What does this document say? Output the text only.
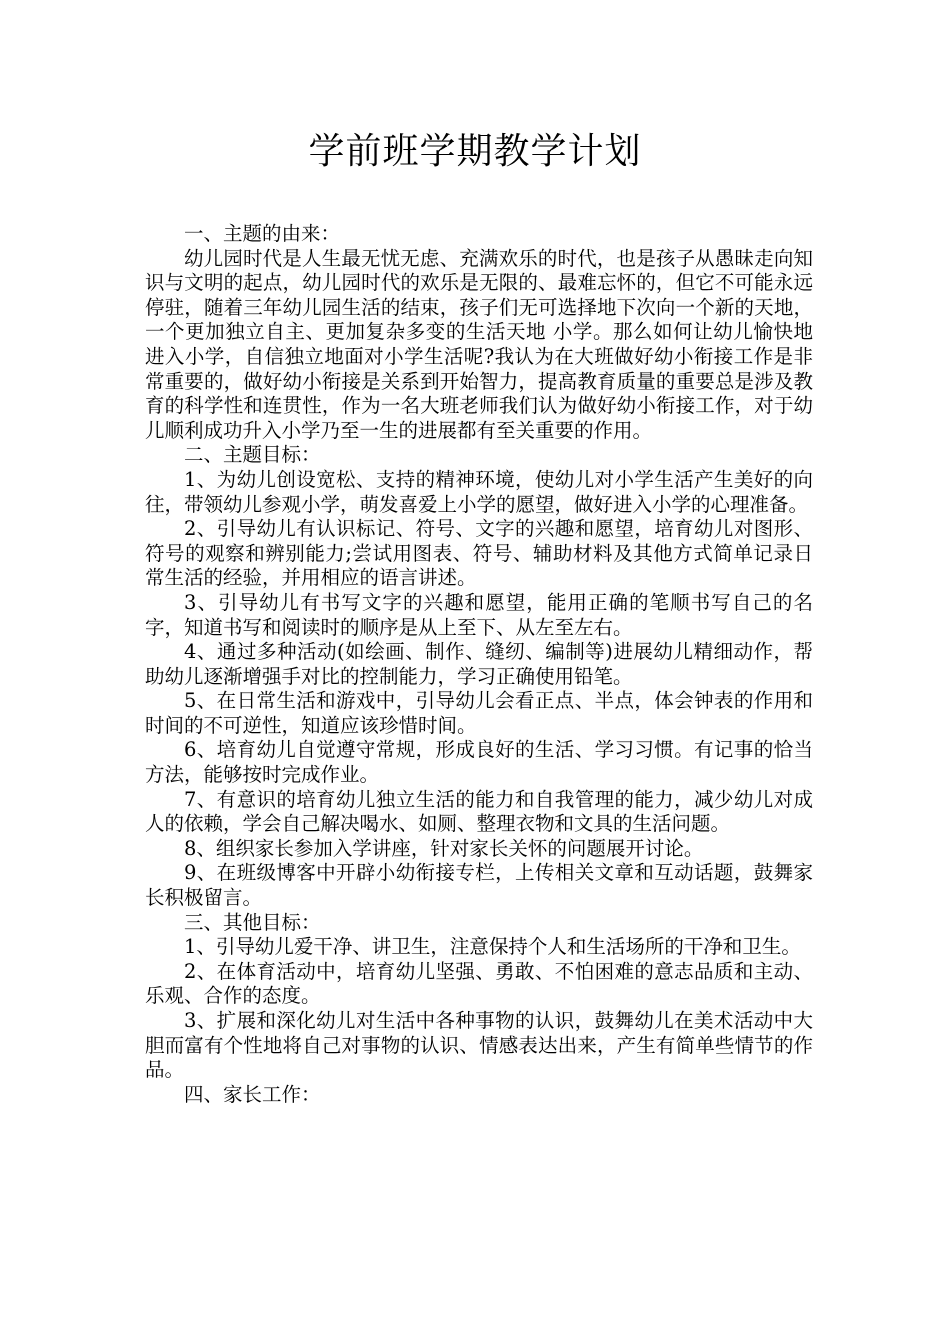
学前班学期教学计划

一、主题的由来：

幼儿园时代是人生最无忧无虑、充满欢乐的时代，也是孩子从愚昧走向知识与文明的起点，幼儿园时代的欢乐是无限的、最难忘怀的，但它不可能永远停驻，随着三年幼儿园生活的结束，孩子们无可选择地下次向一个新的天地，一个更加独立自主、更加复杂多变的生活天地 小学。那么如何让幼儿愉快地进入小学，自信独立地面对小学生活呢?我认为在大班做好幼小衔接工作是非常重要的，做好幼小衔接是关系到开始智力，提高教育质量的重要总是涉及教育的科学性和连贯性，作为一名大班老师我们认为做好幼小衔接工作，对于幼儿顺利成功升入小学乃至一生的进展都有至关重要的作用。

二、主题目标：

1、为幼儿创设宽松、支持的精神环境，使幼儿对小学生活产生美好的向往，带领幼儿参观小学，萌发喜爱上小学的愿望，做好进入小学的心理准备。

2、引导幼儿有认识标记、符号、文字的兴趣和愿望，培育幼儿对图形、符号的观察和辨别能力;尝试用图表、符号、辅助材料及其他方式简单记录日常生活的经验，并用相应的语言讲述。

3、引导幼儿有书写文字的兴趣和愿望，能用正确的笔顺书写自己的名字，知道书写和阅读时的顺序是从上至下、从左至左右。

4、通过多种活动(如绘画、制作、缝纫、编制等)进展幼儿精细动作，帮助幼儿逐渐增强手对比的控制能力，学习正确使用铅笔。

5、在日常生活和游戏中，引导幼儿会看正点、半点，体会钟表的作用和时间的不可逆性，知道应该珍惜时间。

6、培育幼儿自觉遵守常规，形成良好的生活、学习习惯。有记事的恰当方法，能够按时完成作业。

7、有意识的培育幼儿独立生活的能力和自我管理的能力，减少幼儿对成人的依赖，学会自己解决喝水、如厕、整理衣物和文具的生活问题。

8、组织家长参加入学讲座，针对家长关怀的问题展开讨论。

9、在班级博客中开辟小幼衔接专栏，上传相关文章和互动话题，鼓舞家长积极留言。

三、其他目标：

1、引导幼儿爱干净、讲卫生，注意保持个人和生活场所的干净和卫生。

2、在体育活动中，培育幼儿坚强、勇敢、不怕困难的意志品质和主动、乐观、合作的态度。

3、扩展和深化幼儿对生活中各种事物的认识，鼓舞幼儿在美术活动中大胆而富有个性地将自己对事物的认识、情感表达出来，产生有简单些情节的作品。

四、家长工作：
